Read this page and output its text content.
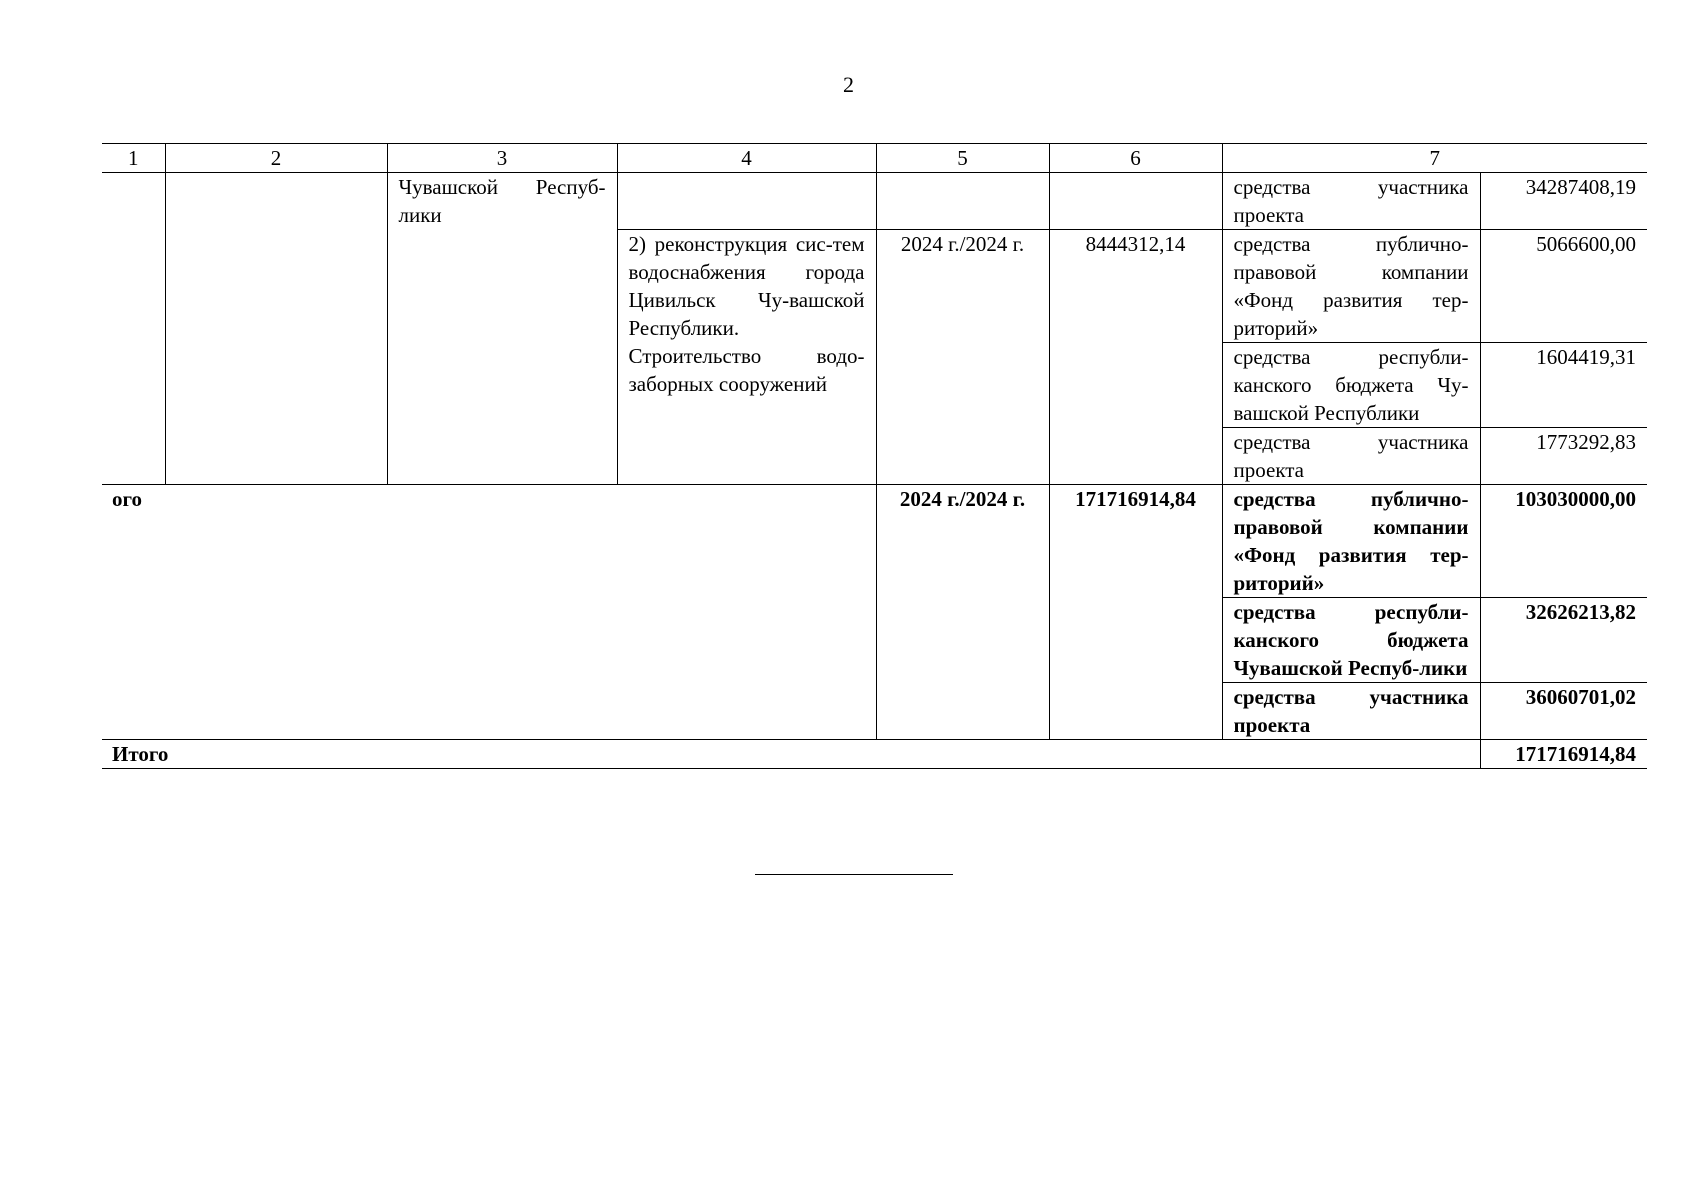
2
1	2	3	4	5	6	7	
		Чувашской Респуб-лики				средства участника проекта	34287408,19
			2) реконструкция сис-тем водоснабжения города Цивильск Чу-вашской Республики. Строительство водо-заборных сооружений	2024 г./2024 г.	8444312,14	средства публично-правовой компании «Фонд развития тер-риторий»	5066600,00
						средства республи-канского бюджета Чу-вашской Республики	1604419,31
						средства участника проекта	1773292,83
ого				2024 г./2024 г.	171716914,84	средства публично-правовой компании «Фонд развития тер-риторий»	103030000,00
						средства республи-канского бюджета Чувашской Респуб-лики	32626213,82
						средства участника проекта	36060701,02
Итого							171716914,84
